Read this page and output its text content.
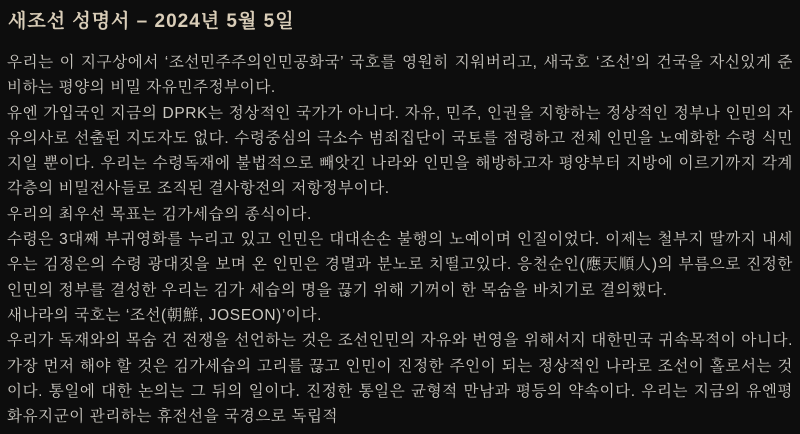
새조선 성명서 – 2024년 5월 5일

우리는 이 지구상에서 ‘조선민주주의인민공화국’ 국호를 영원히 지워버리고, 새국호 ‘조선’의 건국을 자신있게 준비하는 평양의 비밀 자유민주정부이다.

유엔 가입국인 지금의 DPRK는 정상적인 국가가 아니다. 자유, 민주, 인권을 지향하는 정상적인 정부나 인민의 자유의사로 선출된 지도자도 없다. 수령중심의 극소수 범죄집단이 국토를 점령하고 전체 인민을 노예화한 수령 식민지일 뿐이다. 우리는 수령독재에 불법적으로 빼앗긴 나라와 인민을 해방하고자 평양부터 지방에 이르기까지 각계각층의 비밀전사들로 조직된 결사항전의 저항정부이다.

우리의 최우선 목표는 김가세습의 종식이다.

수령은 3대째 부귀영화를 누리고 있고 인민은 대대손손 불행의 노예이며 인질이었다. 이제는 철부지 딸까지 내세우는 김정은의 수령 광대짓을 보며 온 인민은 경멸과 분노로 치떨고있다. 응천순인(應天順人)의 부름으로 진정한 인민의 정부를 결성한 우리는 김가 세습의 명을 끊기 위해 기꺼이 한 목숨을 바치기로 결의했다.

새나라의 국호는 ‘조선(朝鮮, JOSEON)’이다.

우리가 독재와의 목숨 건 전쟁을 선언하는 것은 조선인민의 자유와 번영을 위해서지 대한민국 귀속목적이 아니다. 가장 먼저 해야 할 것은 김가세습의 고리를 끊고 인민이 진정한 주인이 되는 정상적인 나라로 조선이 홀로서는 것이다. 통일에 대한 논의는 그 뒤의 일이다. 진정한 통일은 균형적 만남과 평등의 약속이다. 우리는 지금의 유엔평화유지군이 관리하는 휴전선을 국경으로 독립적
